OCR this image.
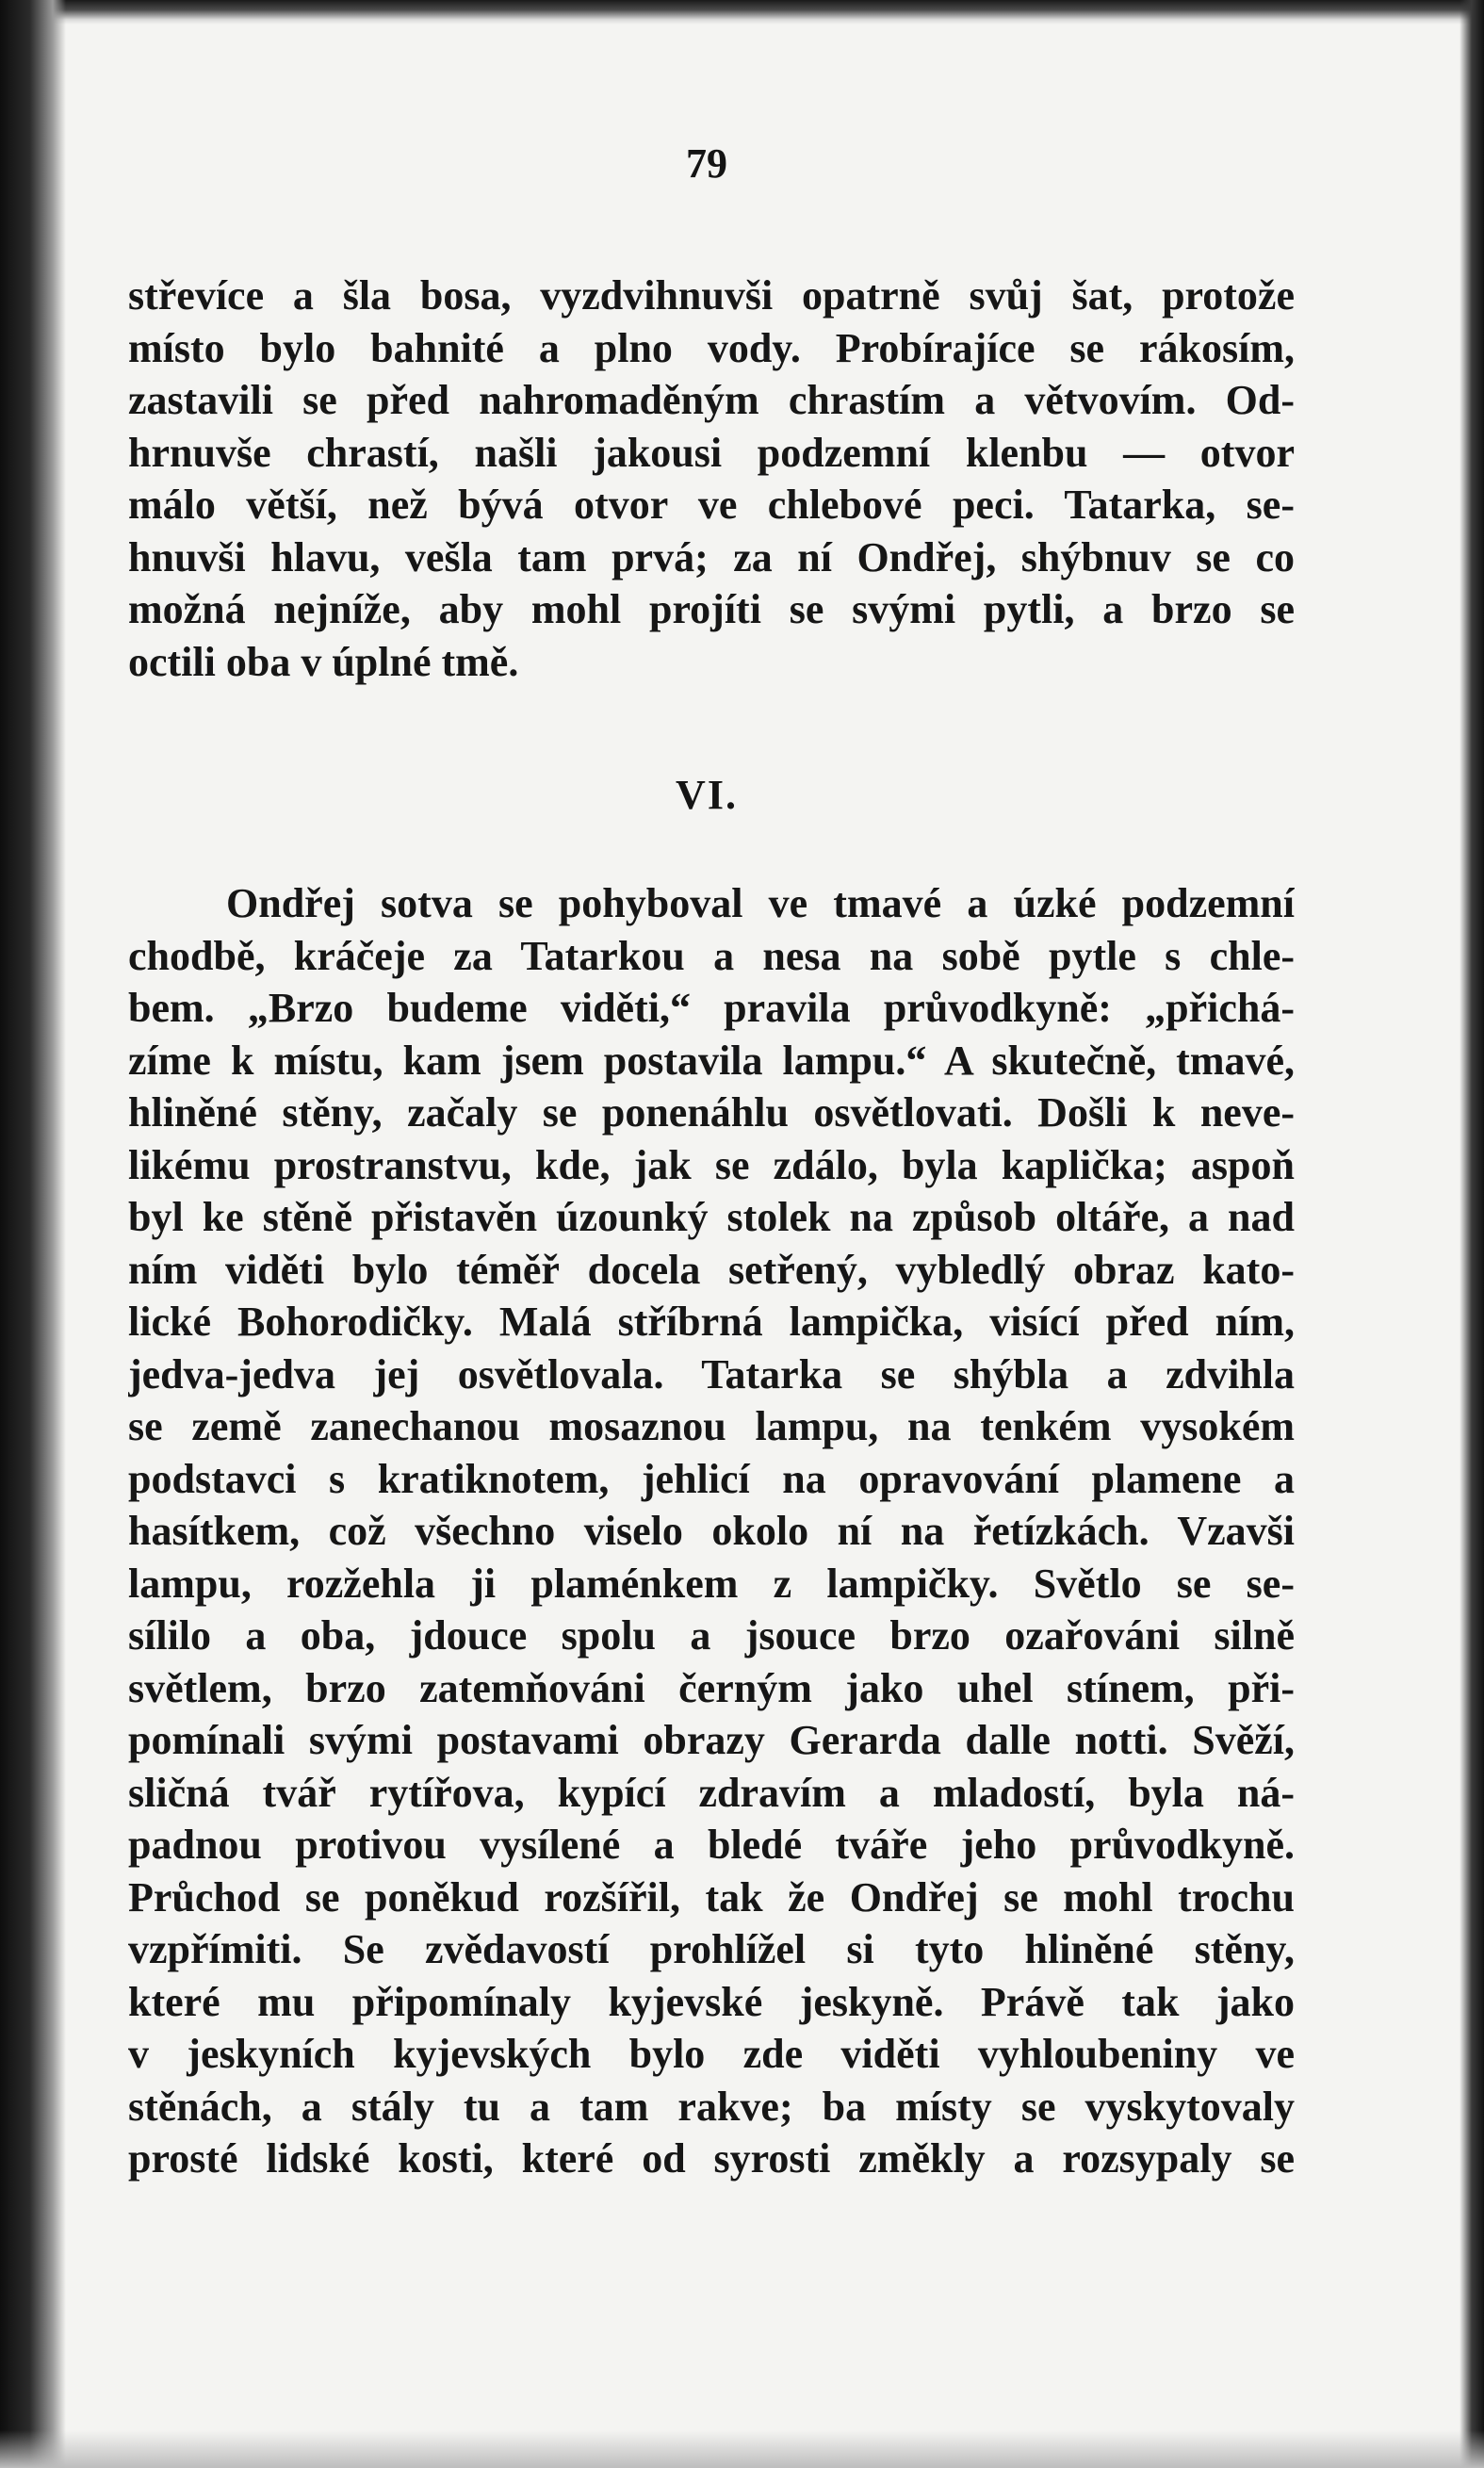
79
střevíce a šla bosa, vyzdvihnuvši opatrně svůj šat, protože
místo bylo bahnité a plno vody. Probírajíce se rákosím,
zastavili se před nahromaděným chrastím a větvovím. Od-
hrnuvše chrastí, našli jakousi podzemní klenbu — otvor
málo větší, než bývá otvor ve chlebové peci. Tatarka, se-
hnuvši hlavu, vešla tam prvá; za ní Ondřej, shýbnuv se co
možná nejníže, aby mohl projíti se svými pytli, a brzo se
octili oba v úplné tmě.
VI.
Ondřej sotva se pohyboval ve tmavé a úzké podzemní
chodbě, kráčeje za Tatarkou a nesa na sobě pytle s chle-
bem. „Brzo budeme viděti,“ pravila průvodkyně: „přichá-
zíme k místu, kam jsem postavila lampu.“ A skutečně, tmavé,
hliněné stěny, začaly se ponenáhlu osvětlovati. Došli k neve-
likému prostranstvu, kde, jak se zdálo, byla kaplička; aspoň
byl ke stěně přistavěn úzounký stolek na způsob oltáře, a nad
ním viděti bylo téměř docela setřený, vybledlý obraz kato-
lické Bohorodičky. Malá stříbrná lampička, visící před ním,
jedva-jedva jej osvětlovala. Tatarka se shýbla a zdvihla
se země zanechanou mosaznou lampu, na tenkém vysokém
podstavci s kratiknotem, jehlicí na opravování plamene a
hasítkem, což všechno viselo okolo ní na řetízkách. Vzavši
lampu, rozžehla ji plaménkem z lampičky. Světlo se se-
sílilo a oba, jdouce spolu a jsouce brzo ozařováni silně
světlem, brzo zatemňováni černým jako uhel stínem, při-
pomínali svými postavami obrazy Gerarda dalle notti. Svěží,
sličná tvář rytířova, kypící zdravím a mladostí, byla ná-
padnou protivou vysílené a bledé tváře jeho průvodkyně.
Průchod se poněkud rozšířil, tak že Ondřej se mohl trochu
vzpřímiti. Se zvědavostí prohlížel si tyto hliněné stěny,
které mu připomínaly kyjevské jeskyně. Právě tak jako
v jeskyních kyjevských bylo zde viděti vyhloubeniny ve
stěnách, a stály tu a tam rakve; ba místy se vyskytovaly
prosté lidské kosti, které od syrosti změkly a rozsypaly se
